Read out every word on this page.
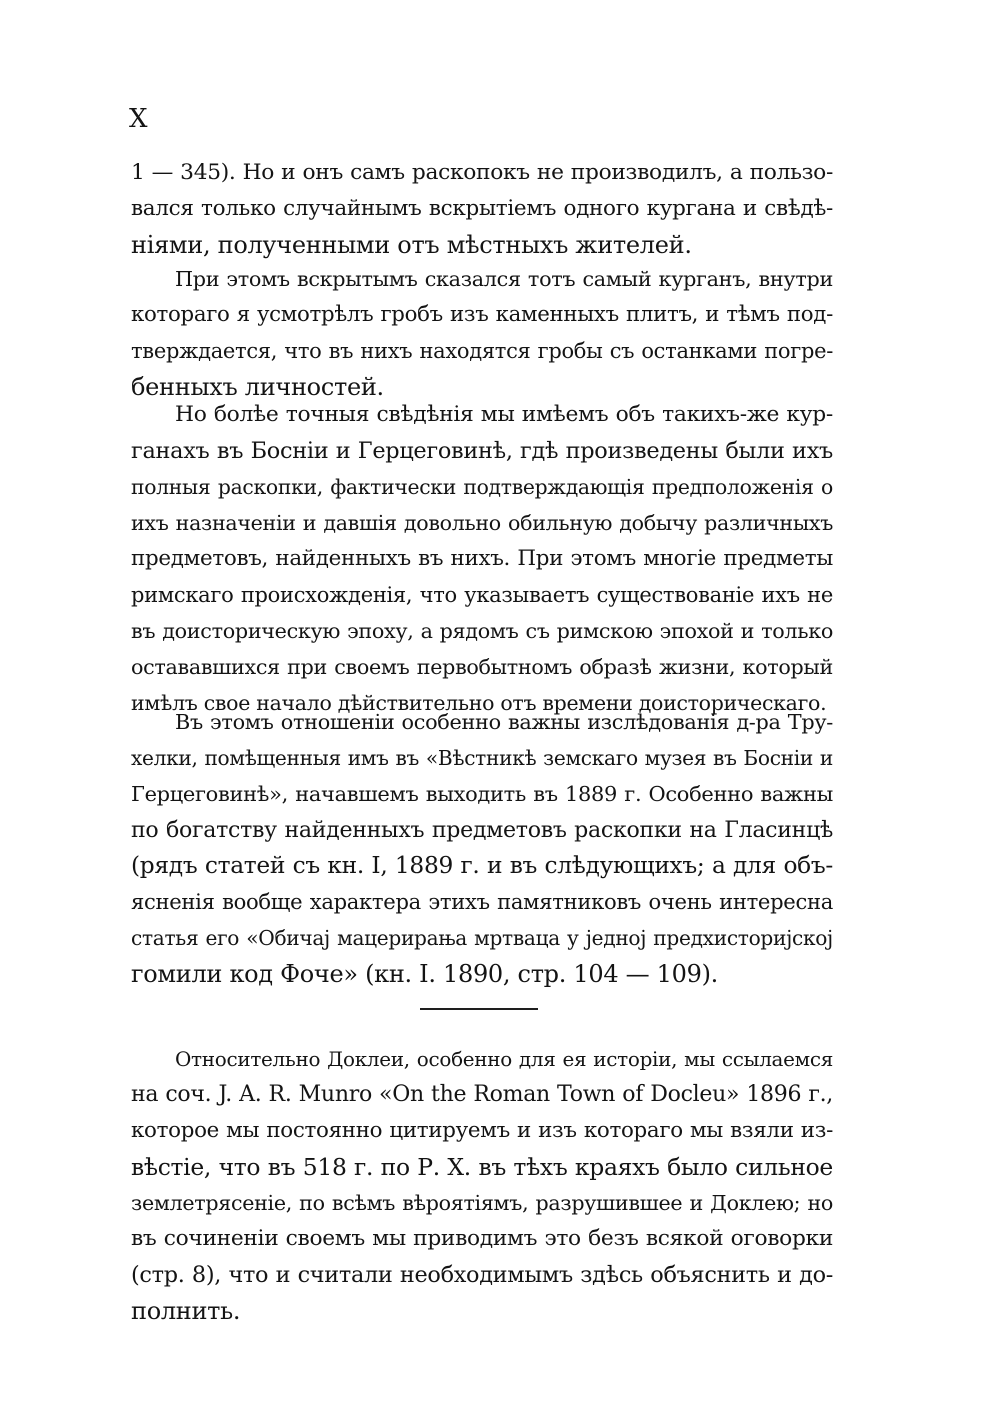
X
1 — 345). Но и онъ самъ раскопокъ не производилъ, а пользо-
вался только случайнымъ вскрытіемъ одного кургана и свѣдѣ-
ніями, полученными отъ мѣстныхъ жителей.
При этомъ вскрытымъ сказался тотъ самый курганъ, внутри
котораго я усмотрѣлъ гробъ изъ каменныхъ плитъ, и тѣмъ под-
тверждается, что въ нихъ находятся гробы съ останками погре-
бенныхъ личностей.
Но болѣе точныя свѣдѣнія мы имѣемъ объ такихъ-же кур-
ганахъ въ Босніи и Герцеговинѣ, гдѣ произведены были ихъ
полныя раскопки, фактически подтверждающія предположенія о
ихъ назначеніи и давшія довольно обильную добычу различныхъ
предметовъ, найденныхъ въ нихъ. При этомъ многіе предметы
римскаго происхожденія, что указываетъ существованіе ихъ не
въ доисторическую эпоху, а рядомъ съ римскою эпохой и только
остававшихся при своемъ первобытномъ образѣ жизни, который
имѣлъ свое начало дѣйствительно отъ времени доисторическаго.
Въ этомъ отношеніи особенно важны изслѣдованія д-ра Тру-
хелки, помѣщенныя имъ въ «Вѣстникѣ земскаго музея въ Босніи и
Герцеговинѣ», начавшемъ выходить въ 1889 г. Особенно важны
по богатству найденныхъ предметовъ раскопки на Гласинцѣ
(рядъ статей съ кн. I, 1889 г. и въ слѣдующихъ; а для объ-
ясненія вообще характера этихъ памятниковъ очень интересна
статья его «Обичај мацерирања мртваца у једној предхисторијској
гомили код Фоче» (кн. I. 1890, стр. 104 — 109).
Относительно Доклеи, особенно для ея исторіи, мы ссылаемся
на соч. J. A. R. Munro «On the Roman Town of Docleu» 1896 г.,
которое мы постоянно цитируемъ и изъ котораго мы взяли из-
вѣстіе, что въ 518 г. по Р. Х. въ тѣхъ краяхъ было сильное
землетрясеніе, по всѣмъ вѣроятіямъ, разрушившее и Доклею; но
въ сочиненіи своемъ мы приводимъ это безъ всякой оговорки
(стр. 8), что и считали необходимымъ здѣсь объяснить и до-
полнить.
